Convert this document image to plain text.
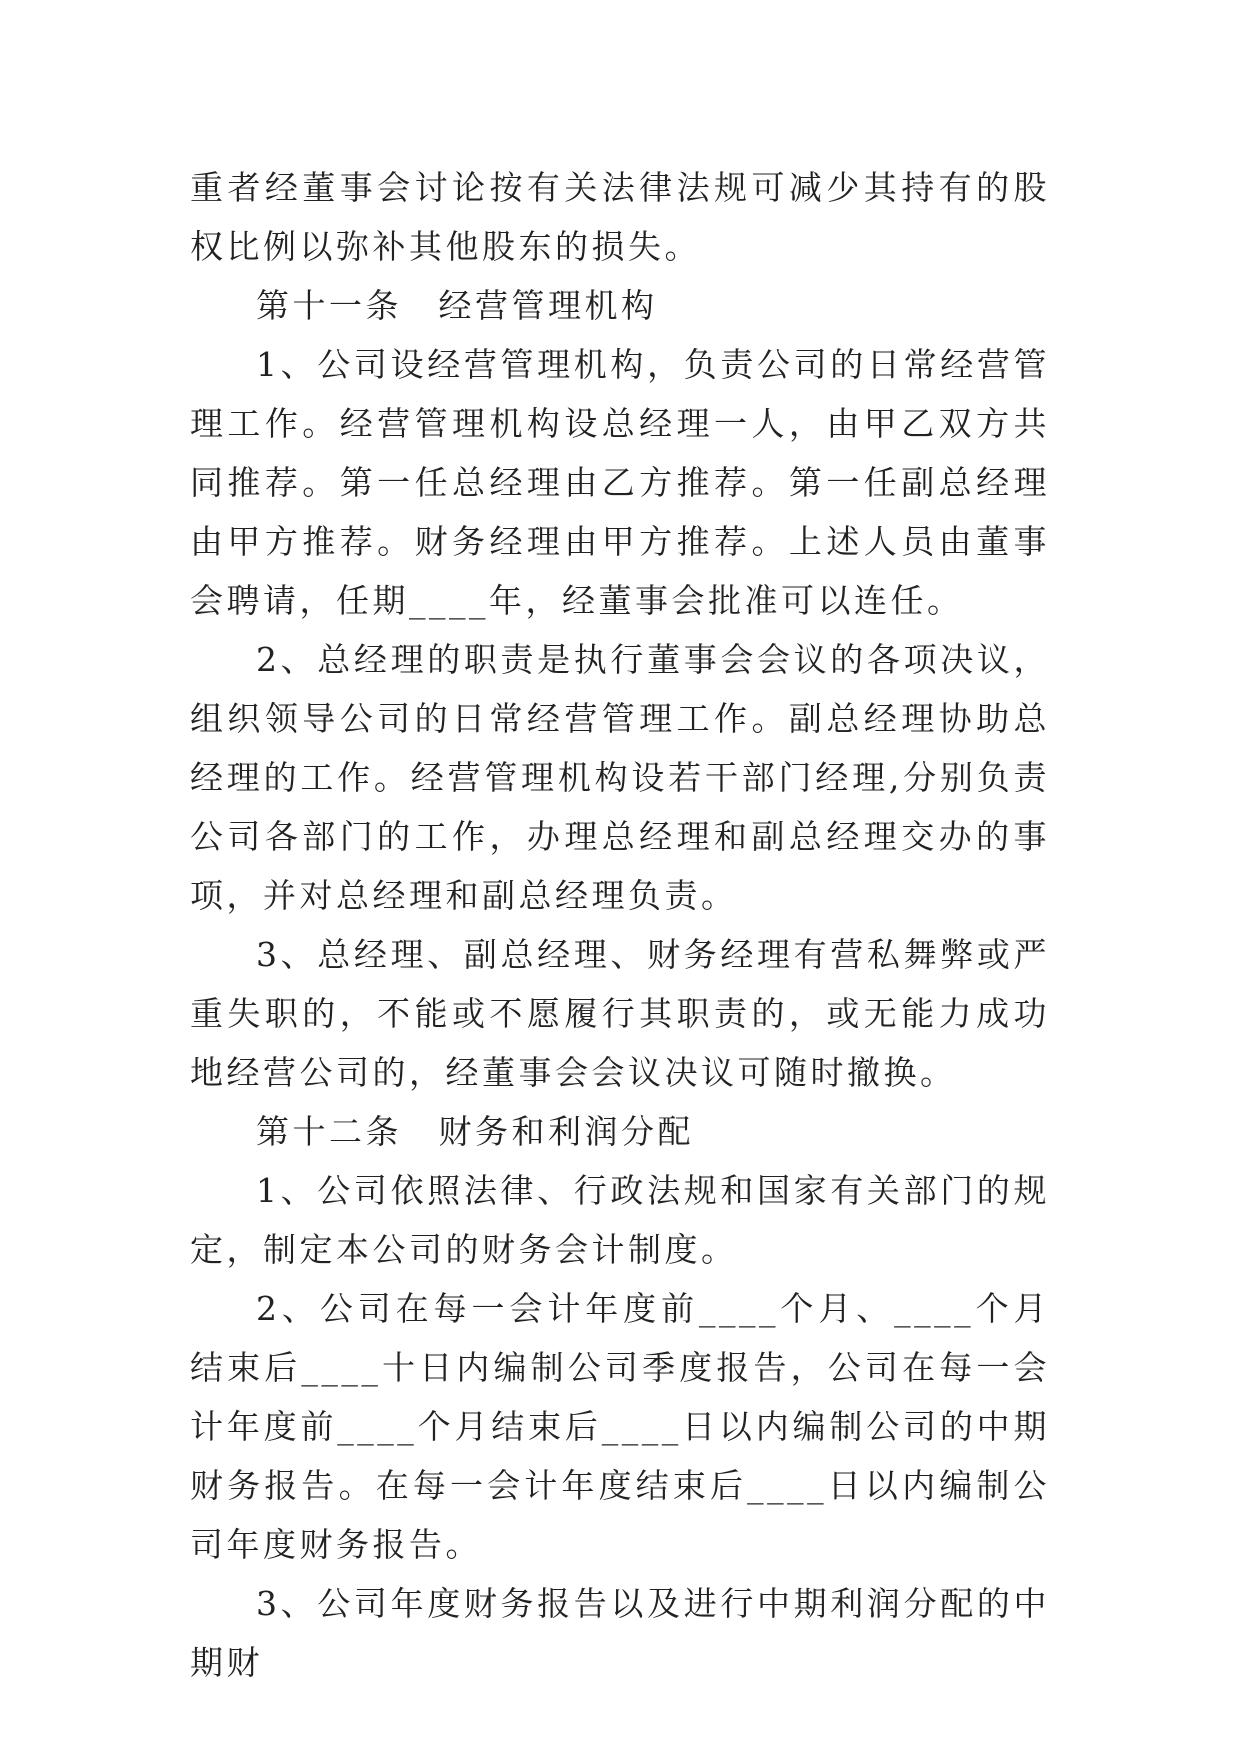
重者经董事会讨论按有关法律法规可减少其持有的股权比例以弥补其他股东的损失。

第十一条　经营管理机构

1、公司设经营管理机构，负责公司的日常经营管理工作。经营管理机构设总经理一人，由甲乙双方共同推荐。第一任总经理由乙方推荐。第一任副总经理由甲方推荐。财务经理由甲方推荐。上述人员由董事会聘请，任期____年，经董事会批准可以连任。

2、总经理的职责是执行董事会会议的各项决议，组织领导公司的日常经营管理工作。副总经理协助总经理的工作。经营管理机构设若干部门经理,分别负责公司各部门的工作，办理总经理和副总经理交办的事项，并对总经理和副总经理负责。

3、总经理、副总经理、财务经理有营私舞弊或严重失职的，不能或不愿履行其职责的，或无能力成功地经营公司的，经董事会会议决议可随时撤换。

第十二条　财务和利润分配

1、公司依照法律、行政法规和国家有关部门的规定，制定本公司的财务会计制度。

2、公司在每一会计年度前____个月、____个月结束后____十日内编制公司季度报告，公司在每一会计年度前____个月结束后____日以内编制公司的中期财务报告。在每一会计年度结束后____日以内编制公司年度财务报告。

3、公司年度财务报告以及进行中期利润分配的中期财
